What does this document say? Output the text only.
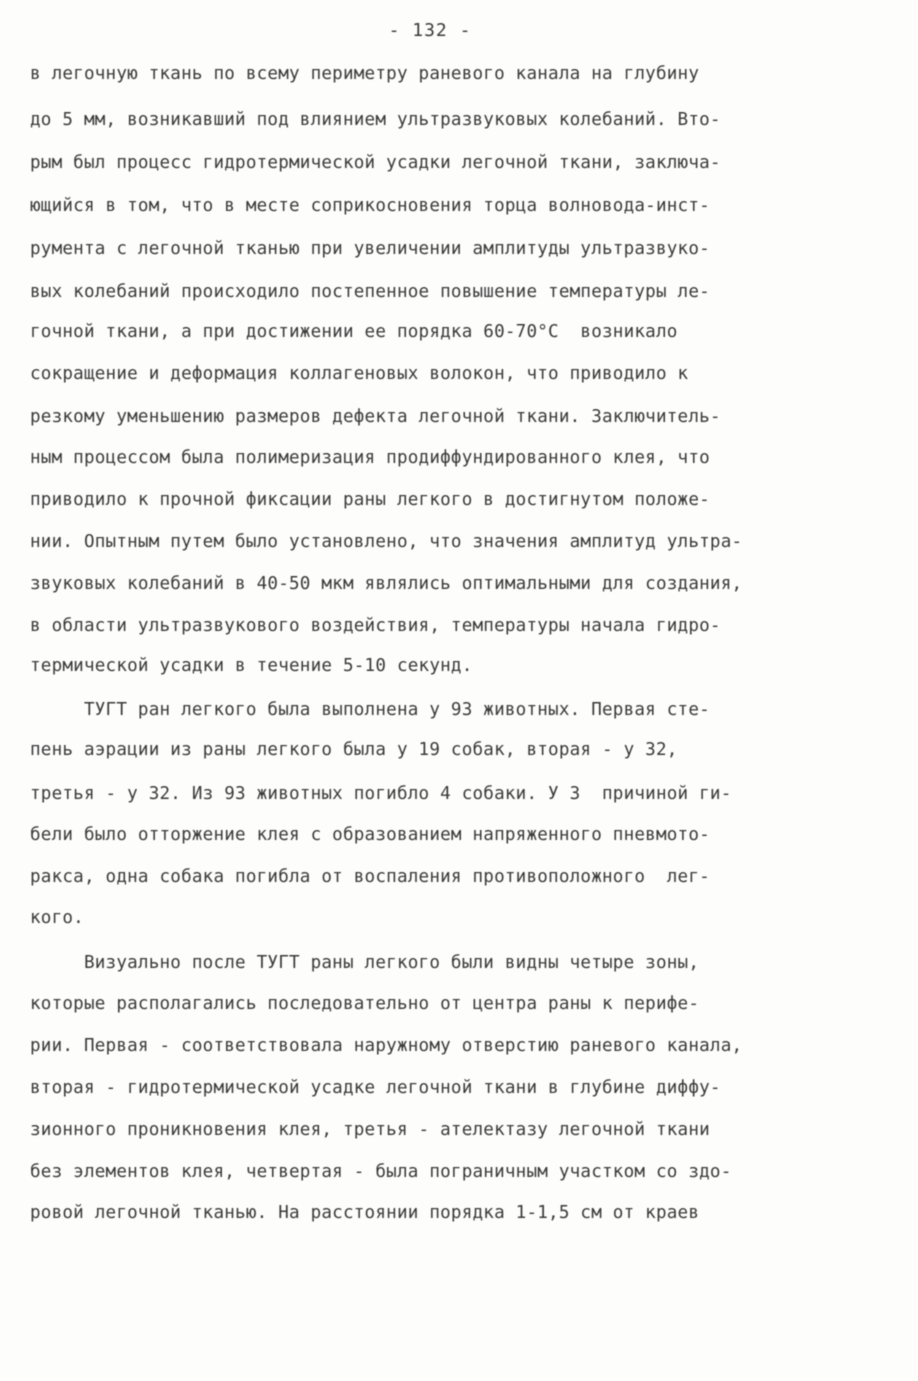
- 132 -
в легочную ткань по всему периметру раневого канала на глубину
до 5 мм, возникавший под влиянием ультразвуковых колебаний. Вто-
рым был процесс гидротермической усадки легочной ткани, заключа-
ющийся в том, что в месте соприкосновения торца волновода-инст-
румента с легочной тканью при увеличении амплитуды ультразвуко-
вых колебаний происходило постепенное повышение температуры ле-
гочной ткани, а при достижении ее порядка 60-70°С  возникало
сокращение и деформация коллагеновых волокон, что приводило к
резкому уменьшению размеров дефекта легочной ткани. Заключитель-
ным процессом была полимеризация продиффундированного клея, что
приводило к прочной фиксации раны легкого в достигнутом положе-
нии. Опытным путем было установлено, что значения амплитуд ультра-
звуковых колебаний в 40-50 мкм являлись оптимальными для создания,
в области ультразвукового воздействия, температуры начала гидро-
термической усадки в течение 5-10 секунд.
ТУГТ ран легкого была выполнена у 93 животных. Первая сте-
пень аэрации из раны легкого была у 19 собак, вторая - у 32,
третья - у 32. Из 93 животных погибло 4 собаки. У 3  причиной ги-
бели было отторжение клея с образованием напряженного пневмото-
ракса, одна собака погибла от воспаления противоположного  лег-
кого.
Визуально после ТУГТ раны легкого были видны четыре зоны,
которые располагались последовательно от центра раны к перифе-
рии. Первая - соответствовала наружному отверстию раневого канала,
вторая - гидротермической усадке легочной ткани в глубине диффу-
зионного проникновения клея, третья - ателектазу легочной ткани
без элементов клея, четвертая - была пограничным участком со здо-
ровой легочной тканью. На расстоянии порядка 1-1,5 см от краев
